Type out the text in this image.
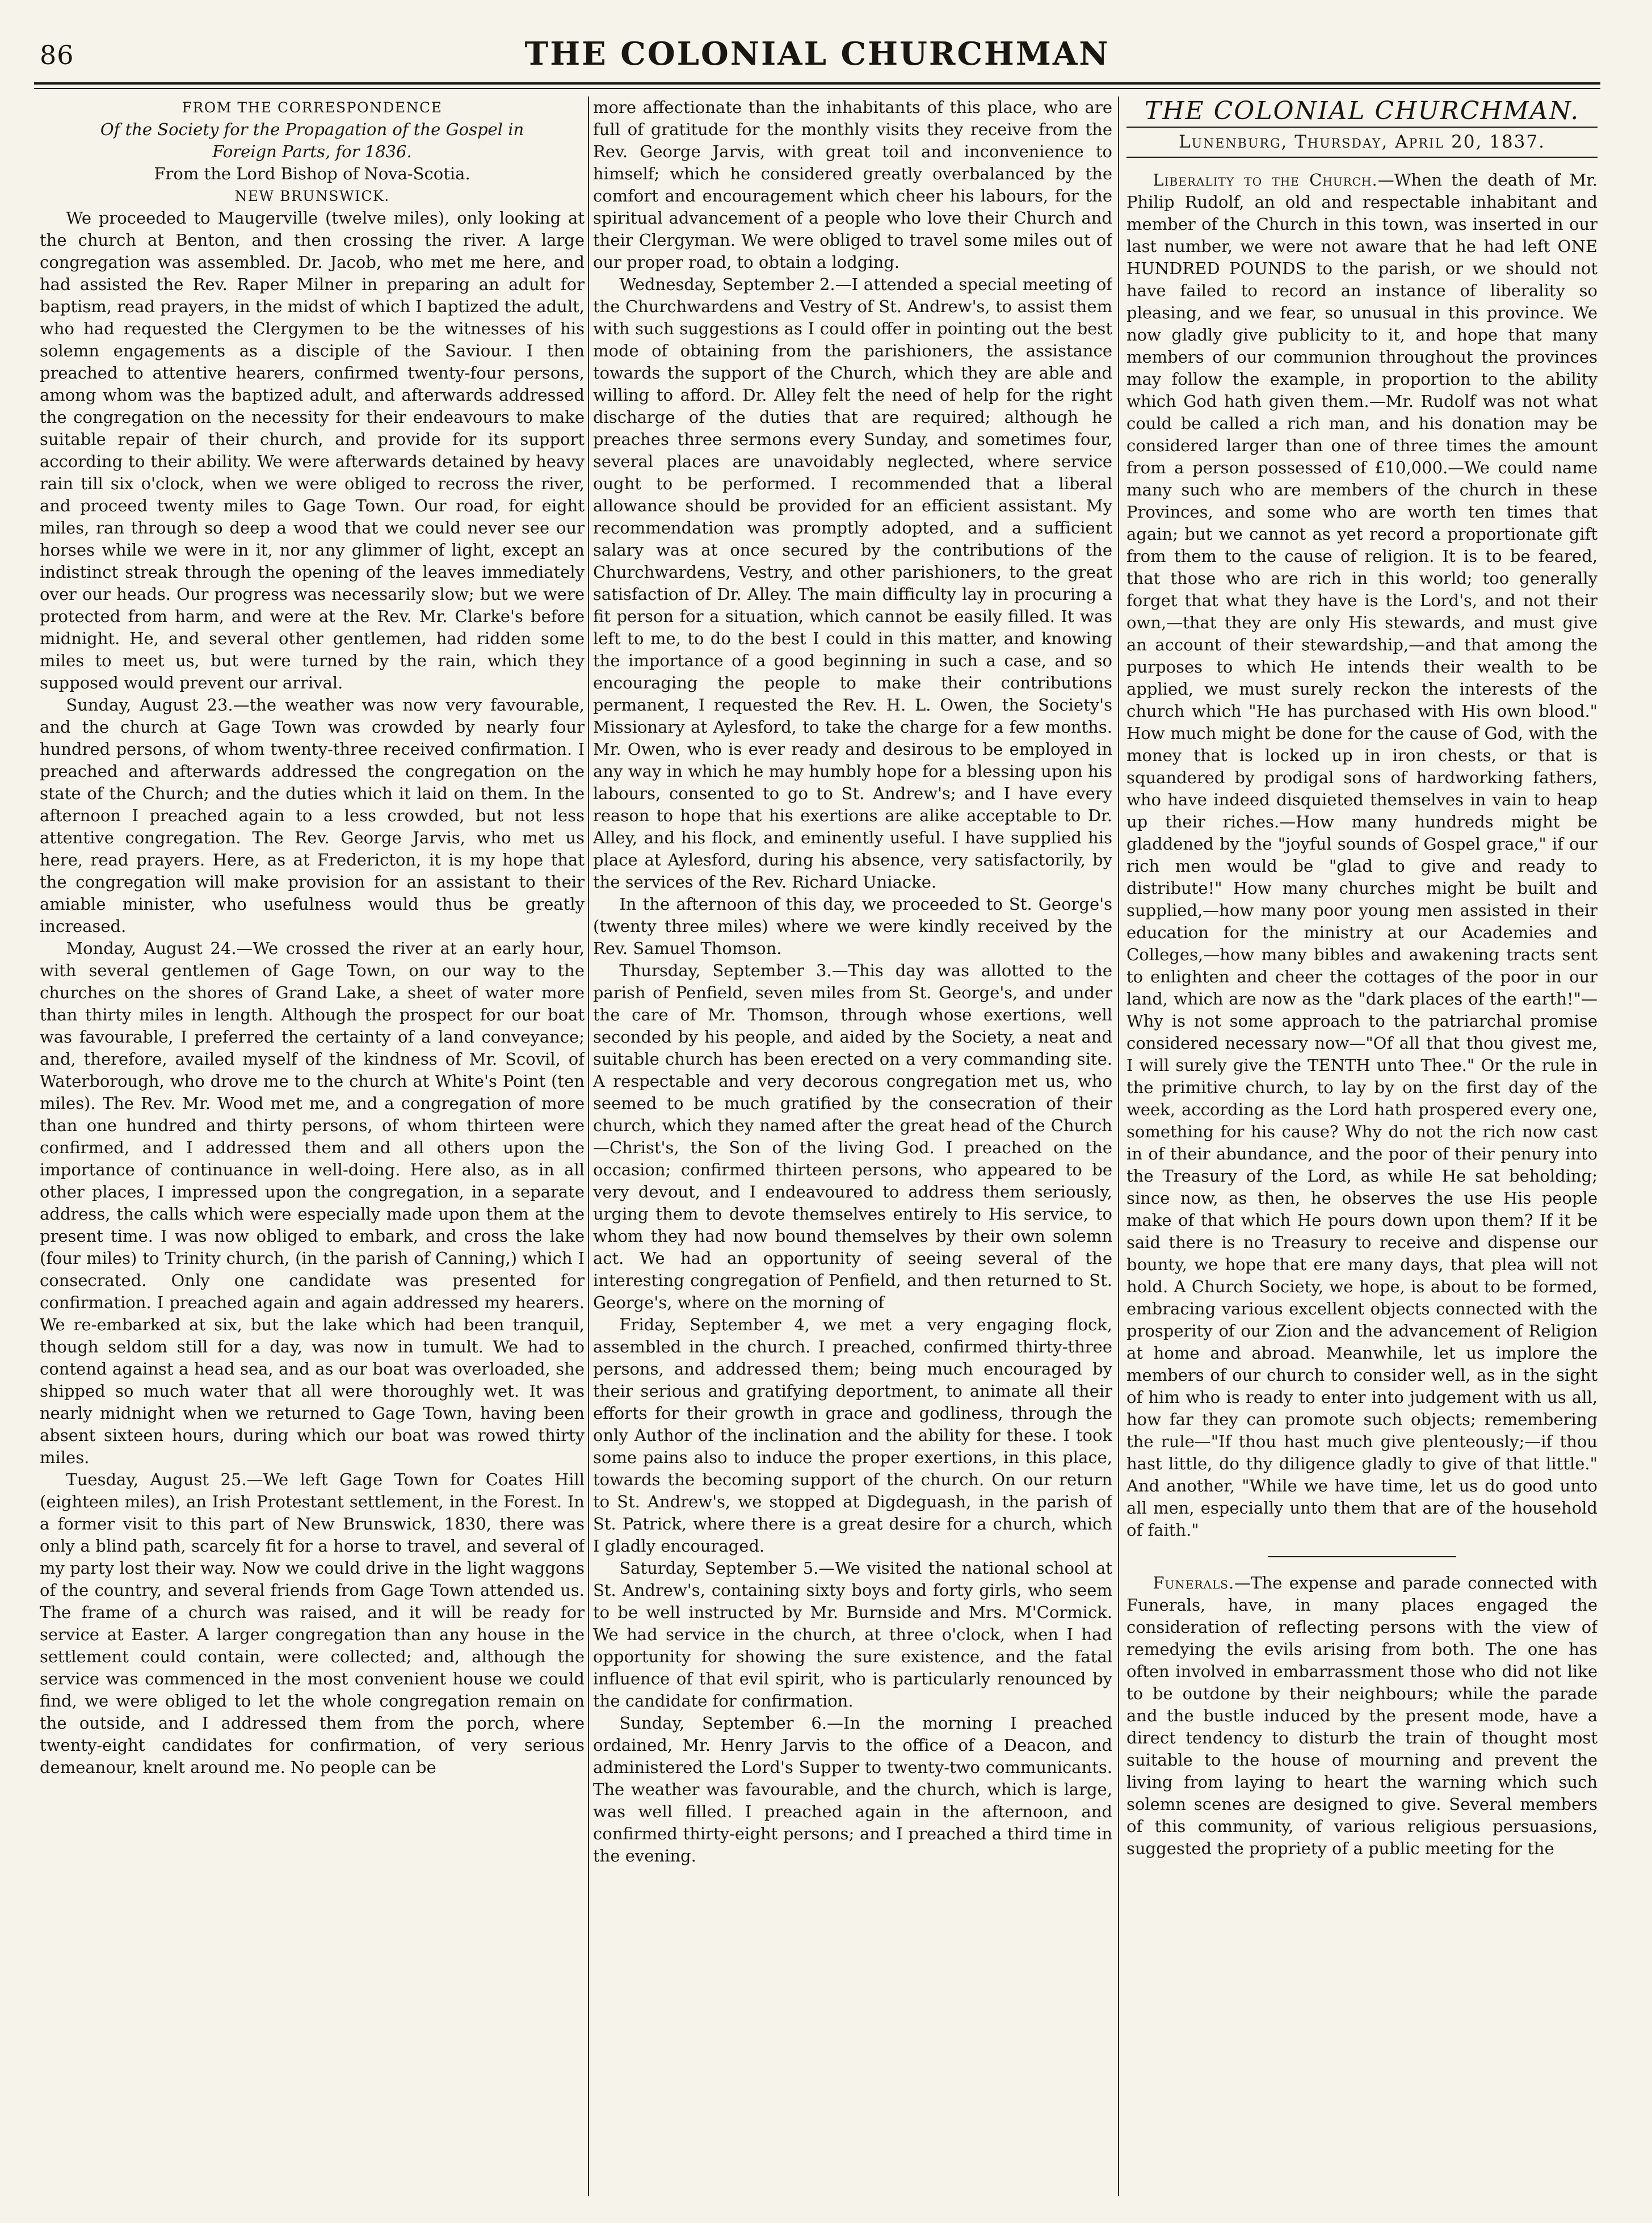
86	THE COLONIAL CHURCHMAN

FROM THE CORRESPONDENCE

Of the Society for the Propagation of the Gospel in

Foreign Parts, for 1836.

From the Lord Bishop of Nova-Scotia.

NEW BRUNSWICK.

We proceeded to Maugerville (twelve miles), only looking at the church at Benton, and then crossing the river. A large congregation was assembled. Dr. Jacob, who met me here, and had assisted the Rev. Raper Milner in preparing an adult for baptism, read prayers, in the midst of which I baptized the adult, who had requested the Clergymen to be the witnesses of his solemn engagements as a disciple of the Saviour. I then preached to attentive hearers, confirmed twenty-four persons, among whom was the baptized adult, and afterwards addressed the congregation on the necessity for their endeavours to make suitable repair of their church, and provide for its support according to their ability. We were afterwards detained by heavy rain till six o'clock, when we were obliged to recross the river, and proceed twenty miles to Gage Town. Our road, for eight miles, ran through so deep a wood that we could never see our horses while we were in it, nor any glimmer of light, except an indistinct streak through the opening of the leaves immediately over our heads. Our progress was necessarily slow; but we were protected from harm, and were at the Rev. Mr. Clarke's before midnight. He, and several other gentlemen, had ridden some miles to meet us, but were turned by the rain, which they supposed would prevent our arrival.

Sunday, August 23.—the weather was now very favourable, and the church at Gage Town was crowded by nearly four hundred persons, of whom twenty-three received confirmation. I preached and afterwards addressed the congregation on the state of the Church; and the duties which it laid on them. In the afternoon I preached again to a less crowded, but not less attentive congregation. The Rev. George Jarvis, who met us here, read prayers. Here, as at Fredericton, it is my hope that the congregation will make provision for an assistant to their amiable minister, who usefulness would thus be greatly increased.

Monday, August 24.—We crossed the river at an early hour, with several gentlemen of Gage Town, on our way to the churches on the shores of Grand Lake, a sheet of water more than thirty miles in length. Although the prospect for our boat was favourable, I preferred the certainty of a land conveyance; and, therefore, availed myself of the kindness of Mr. Scovil, of Waterborough, who drove me to the church at White's Point (ten miles). The Rev. Mr. Wood met me, and a congregation of more than one hundred and thirty persons, of whom thirteen were confirmed, and I addressed them and all others upon the importance of continuance in well-doing. Here also, as in all other places, I impressed upon the congregation, in a separate address, the calls which were especially made upon them at the present time. I was now obliged to embark, and cross the lake (four miles) to Trinity church, (in the parish of Canning,) which I consecrated. Only one candidate was presented for confirmation. I preached again and again addressed my hearers. We re-embarked at six, but the lake which had been tranquil, though seldom still for a day, was now in tumult. We had to contend against a head sea, and as our boat was overloaded, she shipped so much water that all were thoroughly wet. It was nearly midnight when we returned to Gage Town, having been absent sixteen hours, during which our boat was rowed thirty miles.

Tuesday, August 25.—We left Gage Town for Coates Hill (eighteen miles), an Irish Protestant settlement, in the Forest. In a former visit to this part of New Brunswick, 1830, there was only a blind path, scarcely fit for a horse to travel, and several of my party lost their way. Now we could drive in the light waggons of the country, and several friends from Gage Town attended us. The frame of a church was raised, and it will be ready for service at Easter. A larger congregation than any house in the settlement could contain, were collected; and, although the service was commenced in the most convenient house we could find, we were obliged to let the whole congregation remain on the outside, and I addressed them from the porch, where twenty-eight candidates for confirmation, of very serious demeanour, knelt around me. No people can be

more affectionate than the inhabitants of this place, who are full of gratitude for the monthly visits they receive from the Rev. George Jarvis, with great toil and inconvenience to himself; which he considered greatly overbalanced by the comfort and encouragement which cheer his labours, for the spiritual advancement of a people who love their Church and their Clergyman. We were obliged to travel some miles out of our proper road, to obtain a lodging.

Wednesday, September 2.—I attended a special meeting of the Churchwardens and Vestry of St. Andrew's, to assist them with such suggestions as I could offer in pointing out the best mode of obtaining from the parishioners, the assistance towards the support of the Church, which they are able and willing to afford. Dr. Alley felt the need of help for the right discharge of the duties that are required; although he preaches three sermons every Sunday, and sometimes four, several places are unavoidably neglected, where service ought to be performed. I recommended that a liberal allowance should be provided for an efficient assistant. My recommendation was promptly adopted, and a sufficient salary was at once secured by the contributions of the Churchwardens, Vestry, and other parishioners, to the great satisfaction of Dr. Alley. The main difficulty lay in procuring a fit person for a situation, which cannot be easily filled. It was left to me, to do the best I could in this matter, and knowing the importance of a good beginning in such a case, and so encouraging the people to make their contributions permanent, I requested the Rev. H. L. Owen, the Society's Missionary at Aylesford, to take the charge for a few months. Mr. Owen, who is ever ready and desirous to be employed in any way in which he may humbly hope for a blessing upon his labours, consented to go to St. Andrew's; and I have every reason to hope that his exertions are alike acceptable to Dr. Alley, and his flock, and eminently useful. I have supplied his place at Aylesford, during his absence, very satisfactorily, by the services of the Rev. Richard Uniacke.

In the afternoon of this day, we proceeded to St. George's (twenty three miles) where we were kindly received by the Rev. Samuel Thomson.

Thursday, September 3.—This day was allotted to the parish of Penfield, seven miles from St. George's, and under the care of Mr. Thomson, through whose exertions, well seconded by his people, and aided by the Society, a neat and suitable church has been erected on a very commanding site. A respectable and very decorous congregation met us, who seemed to be much gratified by the consecration of their church, which they named after the great head of the Church—Christ's, the Son of the living God. I preached on the occasion; confirmed thirteen persons, who appeared to be very devout, and I endeavoured to address them seriously, urging them to devote themselves entirely to His service, to whom they had now bound themselves by their own solemn act. We had an opportunity of seeing several of the interesting congregation of Penfield, and then returned to St. George's, where on the morning of

Friday, September 4, we met a very engaging flock, assembled in the church. I preached, confirmed thirty-three persons, and addressed them; being much encouraged by their serious and gratifying deportment, to animate all their efforts for their growth in grace and godliness, through the only Author of the inclination and the ability for these. I took some pains also to induce the proper exertions, in this place, towards the becoming support of the church. On our return to St. Andrew's, we stopped at Digdeguash, in the parish of St. Patrick, where there is a great desire for a church, which I gladly encouraged.

Saturday, September 5.—We visited the national school at St. Andrew's, containing sixty boys and forty girls, who seem to be well instructed by Mr. Burnside and Mrs. M'Cormick. We had service in the church, at three o'clock, when I had opportunity for showing the sure existence, and the fatal influence of that evil spirit, who is particularly renounced by the candidate for confirmation.

Sunday, September 6.—In the morning I preached ordained, Mr. Henry Jarvis to the office of a Deacon, and administered the Lord's Supper to twenty-two communicants. The weather was favourable, and the church, which is large, was well filled. I preached again in the afternoon, and confirmed thirty-eight persons; and I preached a third time in the evening.

THE COLONIAL CHURCHMAN.
Lunenburg, Thursday, April 20, 1837.

Liberality to the Church.—When the death of Mr. Philip Rudolf, an old and respectable inhabitant and member of the Church in this town, was inserted in our last number, we were not aware that he had left ONE HUNDRED POUNDS to the parish, or we should not have failed to record an instance of liberality so pleasing, and we fear, so unusual in this province. We now gladly give publicity to it, and hope that many members of our communion throughout the provinces may follow the example, in proportion to the ability which God hath given them.—Mr. Rudolf was not what could be called a rich man, and his donation may be considered larger than one of three times the amount from a person possessed of £10,000.—We could name many such who are members of the church in these Provinces, and some who are worth ten times that again; but we cannot as yet record a proportionate gift from them to the cause of religion. It is to be feared, that those who are rich in this world; too generally forget that what they have is the Lord's, and not their own,—that they are only His stewards, and must give an account of their stewardship,—and that among the purposes to which He intends their wealth to be applied, we must surely reckon the interests of the church which "He has purchased with His own blood." How much might be done for the cause of God, with the money that is locked up in iron chests, or that is squandered by prodigal sons of hardworking fathers, who have indeed disquieted themselves in vain to heap up their riches.—How many hundreds might be gladdened by the "joyful sounds of Gospel grace," if our rich men would be "glad to give and ready to distribute!" How many churches might be built and supplied,—how many poor young men assisted in their education for the ministry at our Academies and Colleges,—how many bibles and awakening tracts sent to enlighten and cheer the cottages of the poor in our land, which are now as the "dark places of the earth!"—Why is not some approach to the patriarchal promise considered necessary now—"Of all that thou givest me, I will surely give the TENTH unto Thee." Or the rule in the primitive church, to lay by on the first day of the week, according as the Lord hath prospered every one, something for his cause? Why do not the rich now cast in of their abundance, and the poor of their penury into the Treasury of the Lord, as while He sat beholding; since now, as then, he observes the use His people make of that which He pours down upon them? If it be said there is no Treasury to receive and dispense our bounty, we hope that ere many days, that plea will not hold. A Church Society, we hope, is about to be formed, embracing various excellent objects connected with the prosperity of our Zion and the advancement of Religion at home and abroad. Meanwhile, let us implore the members of our church to consider well, as in the sight of him who is ready to enter into judgement with us all, how far they can promote such objects; remembering the rule—"If thou hast much give plenteously;—if thou hast little, do thy diligence gladly to give of that little." And another, "While we have time, let us do good unto all men, especially unto them that are of the household of faith."

Funerals.—The expense and parade connected with Funerals, have, in many places engaged the consideration of reflecting persons with the view of remedying the evils arising from both. The one has often involved in embarrassment those who did not like to be outdone by their neighbours; while the parade and the bustle induced by the present mode, have a direct tendency to disturb the train of thought most suitable to the house of mourning and prevent the living from laying to heart the warning which such solemn scenes are designed to give. Several members of this community, of various religious persuasions, suggested the propriety of a public meeting for the
